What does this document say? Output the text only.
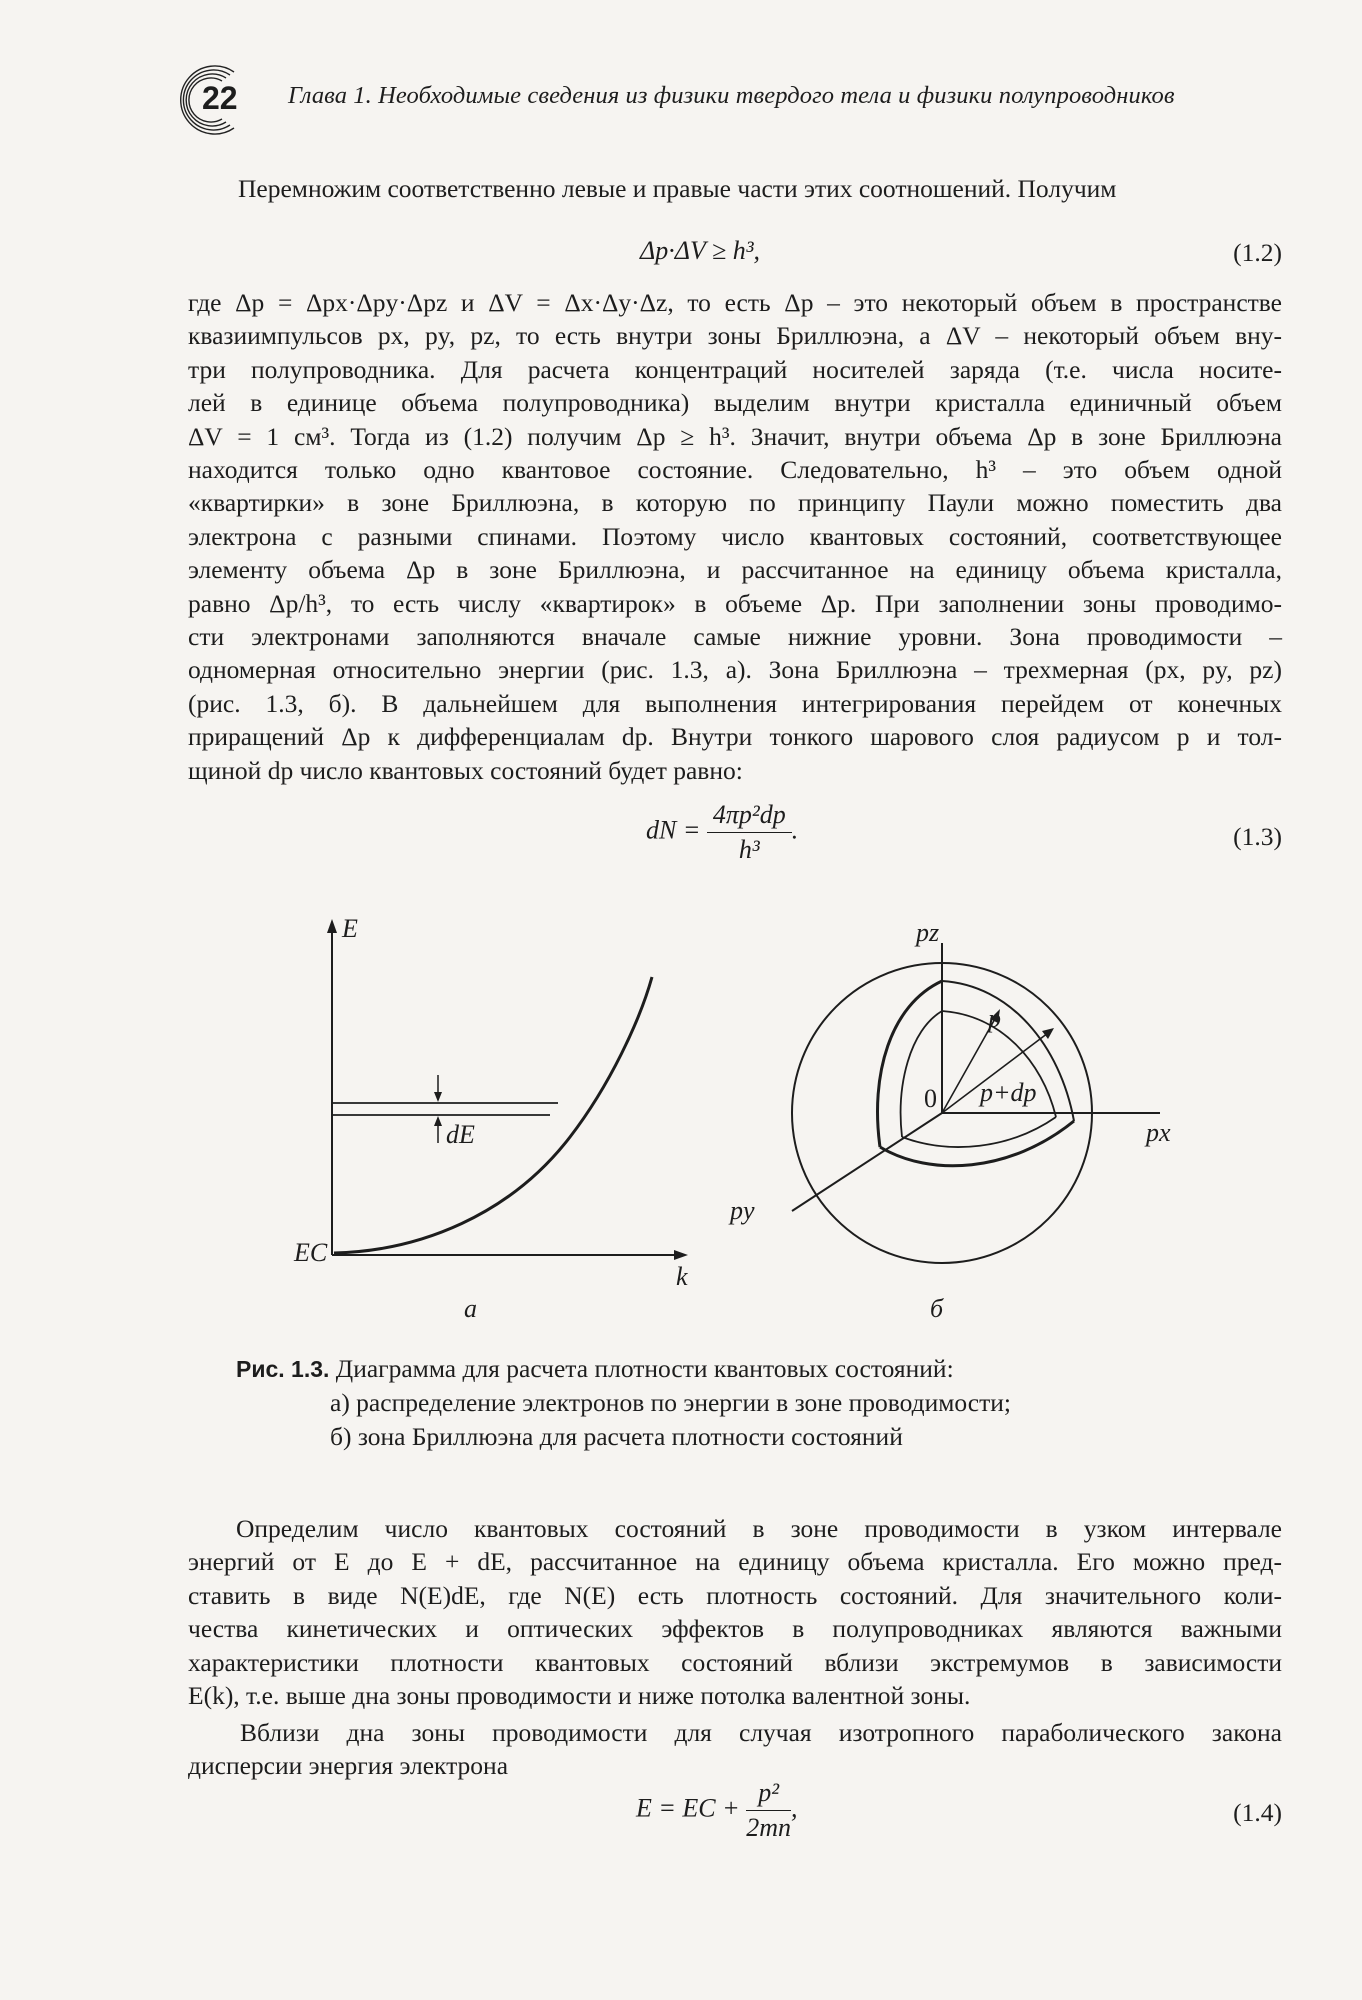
22 Глава 1. Необходимые сведения из физики твердого тела и физики полупроводников
Перемножим соответственно левые и правые части этих соотношений. Получим
Δp·ΔV ≥ h³,	(1.2)
где Δp = Δpx·Δpy·Δpz и ΔV = Δx·Δy·Δz, то есть Δp – это некоторый объем в пространстве
квазиимпульсов px, py, pz, то есть внутри зоны Бриллюэна, а ΔV – некоторый объем вну-
три полупроводника. Для расчета концентраций носителей заряда (т.е. числа носите-
лей в единице объема полупроводника) выделим внутри кристалла единичный объем
ΔV = 1 см³. Тогда из (1.2) получим Δp ≥ h³. Значит, внутри объема Δp в зоне Бриллюэна
находится только одно квантовое состояние. Следовательно, h³ – это объем одной
«квартирки» в зоне Бриллюэна, в которую по принципу Паули можно поместить два
электрона с разными спинами. Поэтому число квантовых состояний, соответствующее
элементу объема Δp в зоне Бриллюэна, и рассчитанное на единицу объема кристалла,
равно Δp/h³, то есть числу «квартирок» в объеме Δp. При заполнении зоны проводимо-
сти электронами заполняются вначале самые нижние уровни. Зона проводимости –
одномерная относительно энергии (рис. 1.3, а). Зона Бриллюэна – трехмерная (px, py, pz)
(рис. 1.3, б). В дальнейшем для выполнения интегрирования перейдем от конечных
приращений Δp к дифференциалам dp. Внутри тонкого шарового слоя радиусом p и тол-
щиной dp число квантовых состояний будет равно:
dN = $\frac{\text{4πp²dp}}{\text{h³}}$ .	(1.3)
E
k
EC
dE
а
pz
px
py
0
p
p+dp
б
Рис. 1.3. Диаграмма для расчета плотности квантовых состояний:
а) распределение электронов по энергии в зоне проводимости;
б) зона Бриллюэна для расчета плотности состояний
Определим число квантовых состояний в зоне проводимости в узком интервале
энергий от E до E + dE, рассчитанное на единицу объема кристалла. Его можно пред-
ставить в виде N(E)dE, где N(E) есть плотность состояний. Для значительного коли-
чества кинетических и оптических эффектов в полупроводниках являются важными
характеристики плотности квантовых состояний вблизи экстремумов в зависимости
E(k), т.е. выше дна зоны проводимости и ниже потолка валентной зоны.
Вблизи дна зоны проводимости для случая изотропного параболического закона
дисперсии энергия электрона
E = EC + $\frac{\text{p²}}{2mn}$ ,	(1.4)
